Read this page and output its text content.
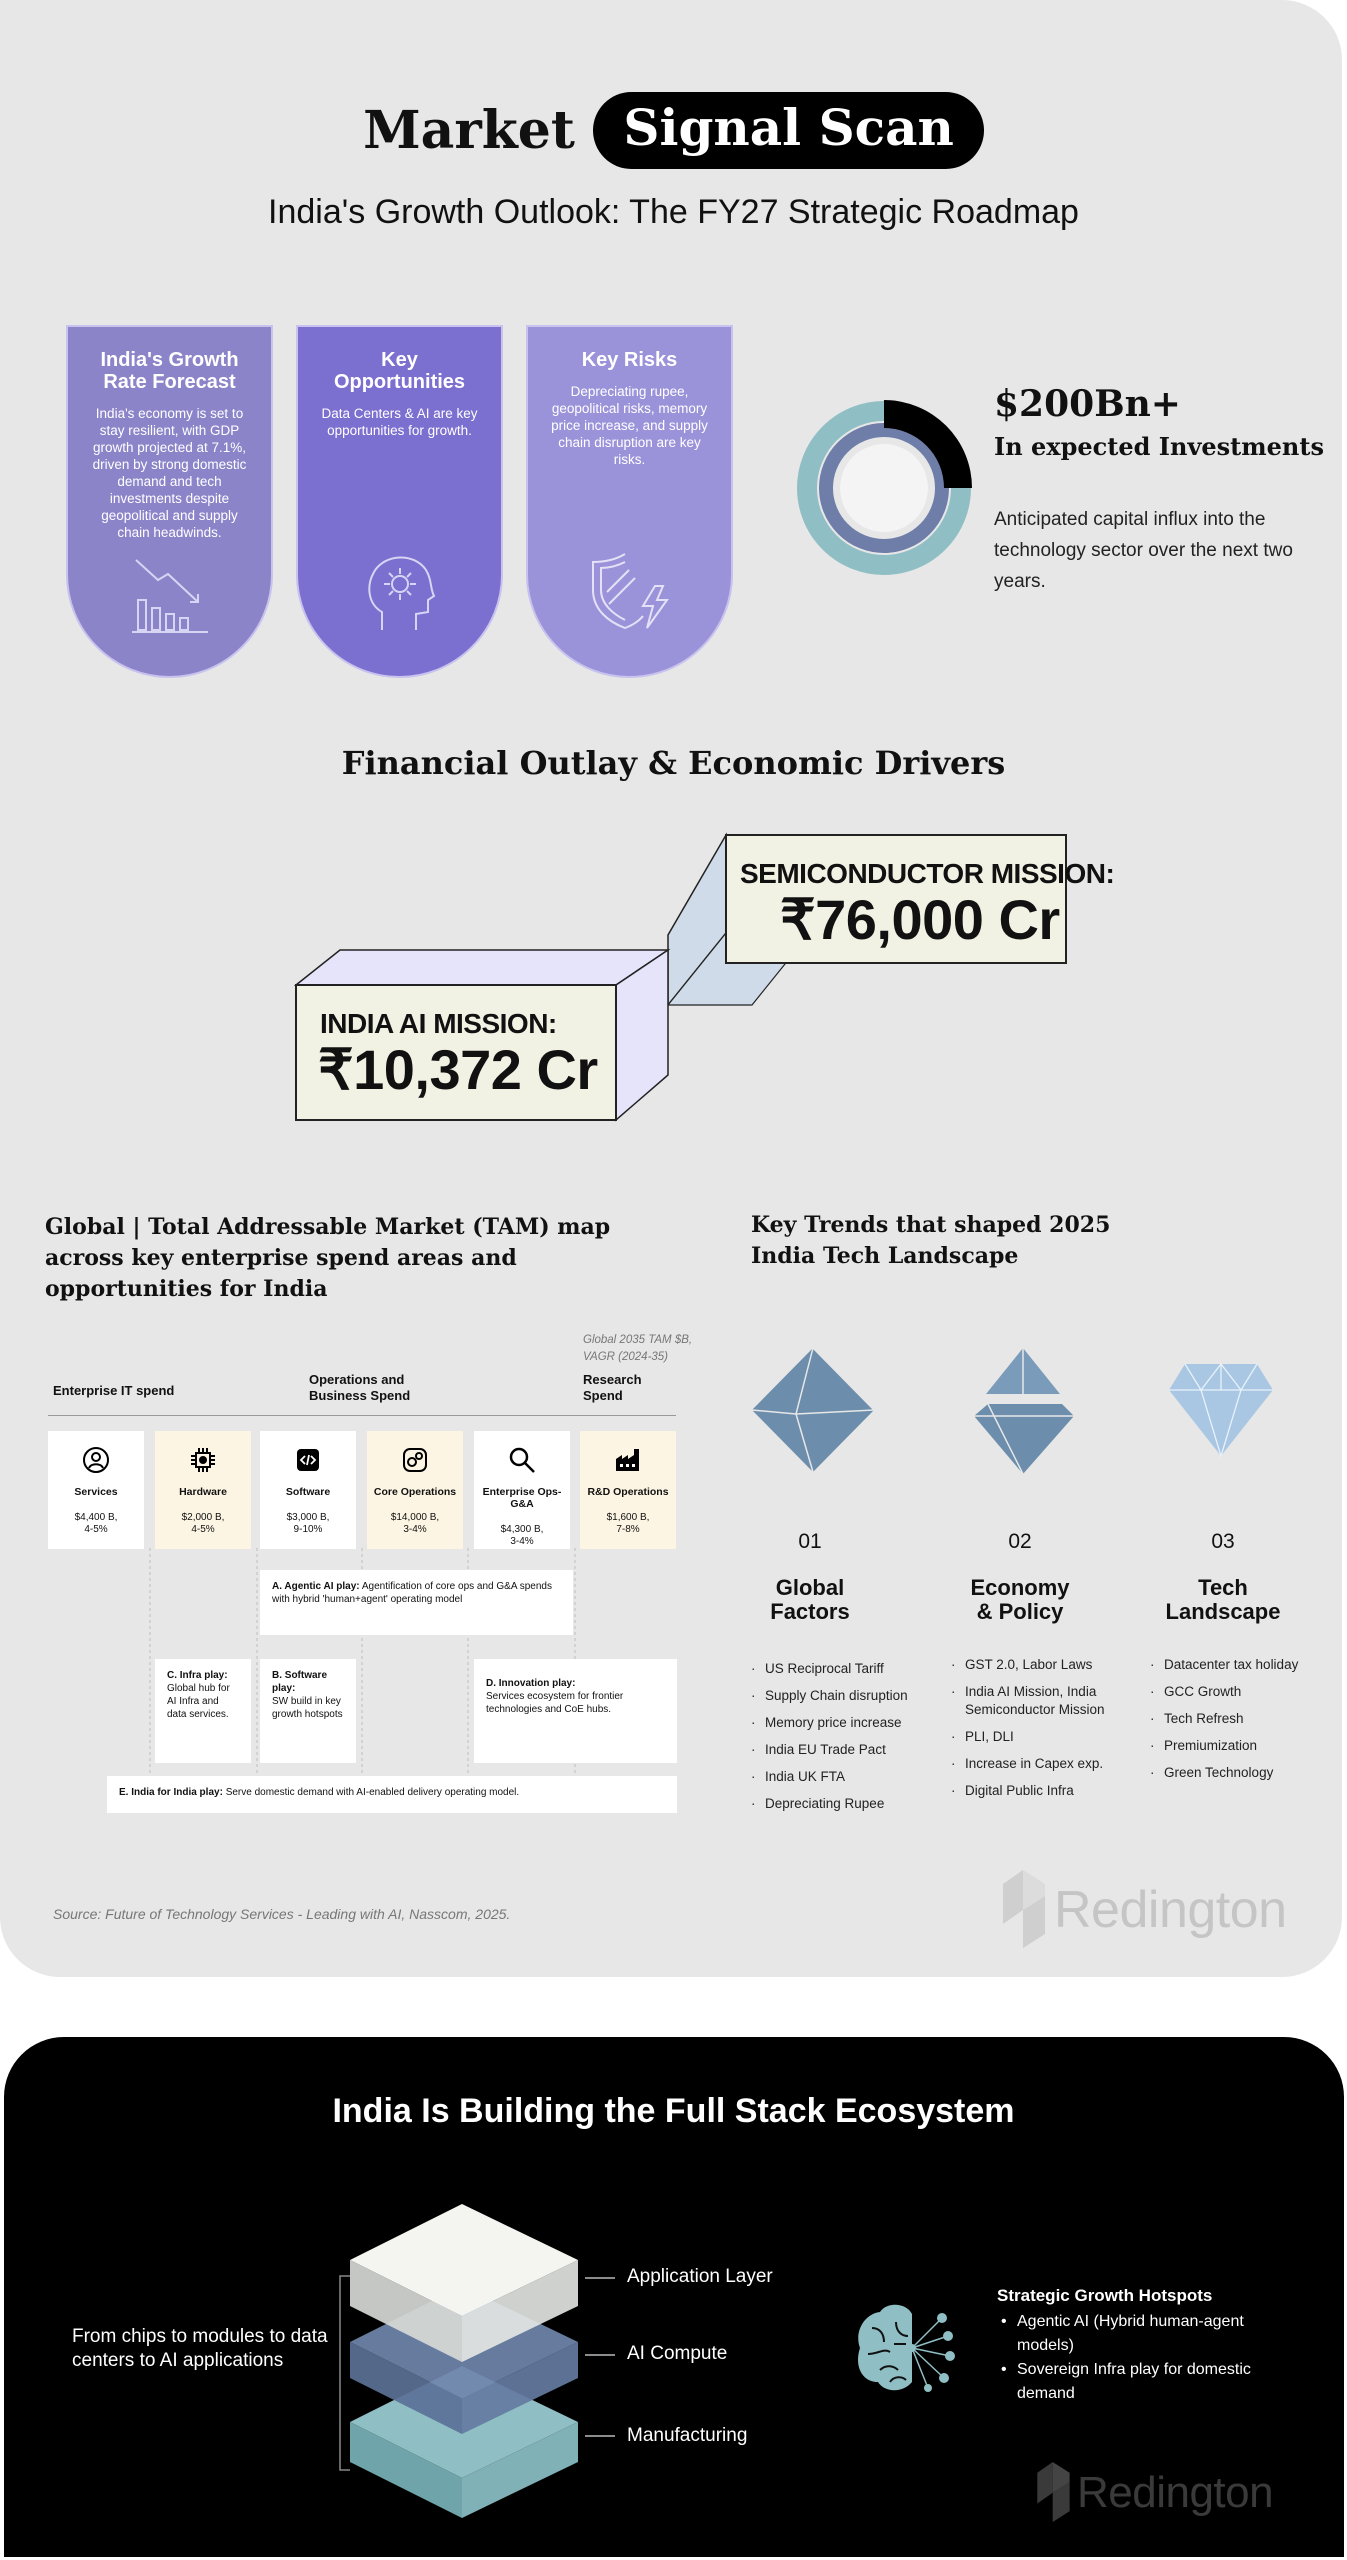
Market Signal Scan
India's Growth Outlook: The FY27 Strategic Roadmap
India's Growth Rate Forecast

India's economy is set to stay resilient, with GDP growth projected at 7.1%, driven by strong domestic demand and tech investments despite geopolitical and supply chain headwinds.

Key Opportunities

Data Centers & AI are key opportunities for growth.

Key Risks

Depreciating rupee, geopolitical risks, memory price increase, and supply chain disruption are key risks.

$200Bn+
In expected Investments
Anticipated capital influx into the technology sector over the next two years.
Financial Outlay & Economic Drivers
SEMICONDUCTOR MISSION:
₹76,000 Cr
INDIA AI MISSION:
₹10,372 Cr
Global | Total Addressable Market (TAM) map across key enterprise spend areas and opportunities for India
Global 2035 TAM $B, VAGR (2024-35)
Enterprise IT spend
Operations and Business Spend
Research Spend
Services
$4,400 B,
4-5%
Hardware
$2,000 B,
4-5%
Software
$3,000 B,
9-10%
Core Operations
$14,000 B,
3-4%
Enterprise Ops-G&A
$4,300 B,
3-4%
R&D Operations
$1,600 B,
7-8%
A. Agentic AI play: Agentification of core ops and G&A spends with hybrid 'human+agent' operating model
C. Infra play:
Global hub for AI Infra and data services.
B. Software play:
SW build in key growth hotspots
D. Innovation play:
Services ecosystem for frontier technologies and CoE hubs.
E. India for India play: Serve domestic demand with AI-enabled delivery operating model.
Key Trends that shaped 2025 India Tech Landscape
01	02	03
Global
Factors
Economy
& Policy
Tech
Landscape
· US Reciprocal Tariff
· Supply Chain disruption
· Memory price increase
· India EU Trade Pact
· India UK FTA
· Depreciating Rupee
· GST 2.0, Labor Laws
· India AI Mission, India Semiconductor Mission
· PLI, DLI
· Increase in Capex exp.
· Digital Public Infra
· Datacenter tax holiday
· GCC Growth
· Tech Refresh
· Premiumization
· Green Technology
Source: Future of Technology Services - Leading with AI, Nasscom, 2025.	Redington
India Is Building the Full Stack Ecosystem
From chips to modules to data centers to AI applications
Application Layer
AI Compute
Manufacturing
Strategic Growth Hotspots
• Agentic AI (Hybrid human-agent models)
• Sovereign Infra play for domestic demand
Redington
